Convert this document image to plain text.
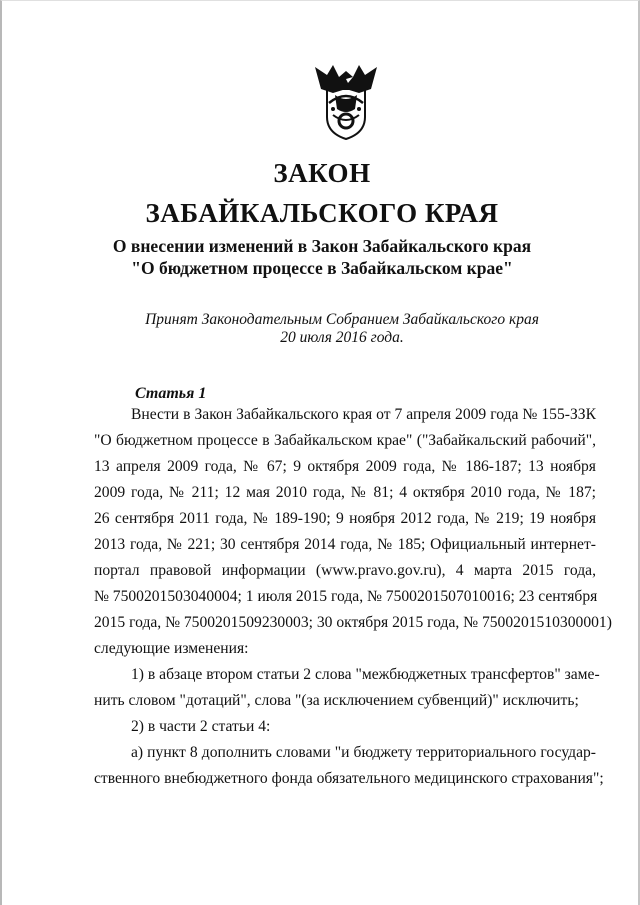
ЗАКОН
ЗАБАЙКАЛЬСКОГО КРАЯ
О внесении изменений в Закон Забайкальского края
"О бюджетном процессе в Забайкальском крае"
Принят Законодательным Собранием Забайкальского края
20 июля 2016 года.
Статья 1
Внести в Закон Забайкальского края от 7 апреля 2009 года № 155-ЗЗК
"О бюджетном процессе в Забайкальском крае" ("Забайкальский рабочий",
13 апреля 2009 года, № 67; 9 октября 2009 года, № 186-187; 13 ноября
2009 года, № 211; 12 мая 2010 года, № 81; 4 октября 2010 года, № 187;
26 сентября 2011 года, № 189-190; 9 ноября 2012 года, № 219; 19 ноября
2013 года, № 221; 30 сентября 2014 года, № 185; Официальный интернет-
портал правовой информации (www.pravo.gov.ru), 4 марта 2015 года,
№ 7500201503040004; 1 июля 2015 года, № 7500201507010016; 23 сентября
2015 года, № 7500201509230003; 30 октября 2015 года, № 7500201510300001)
следующие изменения:
1) в абзаце втором статьи 2 слова "межбюджетных трансфертов" заме-
нить словом "дотаций", слова "(за исключением субвенций)" исключить;
2) в части 2 статьи 4:
а) пункт 8 дополнить словами "и бюджету территориального государ-
ственного внебюджетного фонда обязательного медицинского страхования";
